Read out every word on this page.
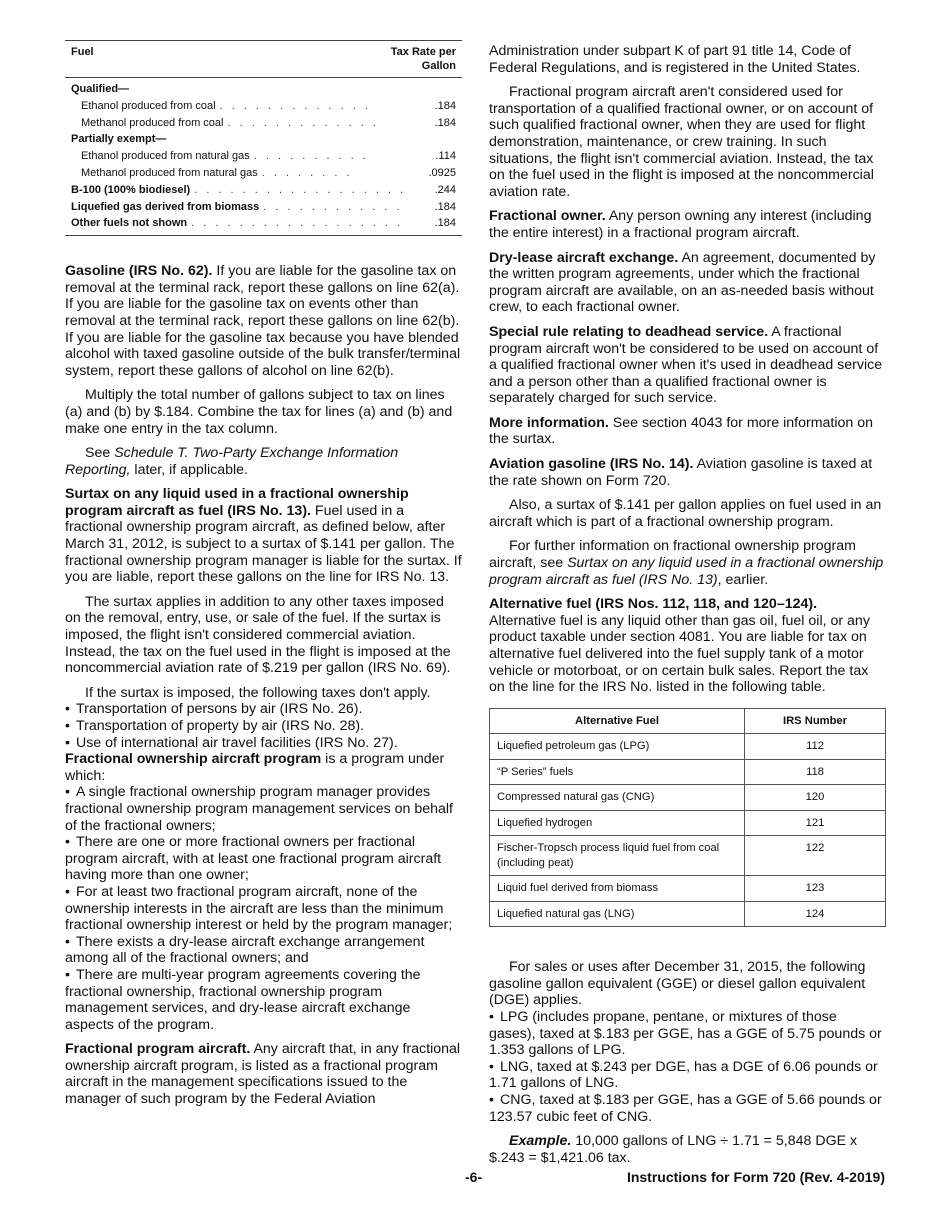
Fuel	Tax Rate per Gallon
Qualified—
Ethanol produced from coal . . .	.184
Methanol produced from coal . . .	.184
Partially exempt—
Ethanol produced from natural gas . . .	.114
Methanol produced from natural gas . . .	.0925
B-100 (100% biodiesel) . . .	.244
Liquefied gas derived from biomass . . .	.184
Other fuels not shown . . .	.184

Gasoline (IRS No. 62). If you are liable for the gasoline tax on removal at the terminal rack, report these gallons on line 62(a). If you are liable for the gasoline tax on events other than removal at the terminal rack, report these gallons on line 62(b). If you are liable for the gasoline tax because you have blended alcohol with taxed gasoline outside of the bulk transfer/terminal system, report these gallons of alcohol on line 62(b).

Multiply the total number of gallons subject to tax on lines (a) and (b) by $.184. Combine the tax for lines (a) and (b) and make one entry in the tax column.

See Schedule T. Two-Party Exchange Information Reporting, later, if applicable.

Surtax on any liquid used in a fractional ownership program aircraft as fuel (IRS No. 13). Fuel used in a fractional ownership program aircraft, as defined below, after March 31, 2012, is subject to a surtax of $.141 per gallon. The fractional ownership program manager is liable for the surtax. If you are liable, report these gallons on the line for IRS No. 13.

The surtax applies in addition to any other taxes imposed on the removal, entry, use, or sale of the fuel. If the surtax is imposed, the flight isn't considered commercial aviation. Instead, the tax on the fuel used in the flight is imposed at the noncommercial aviation rate of $.219 per gallon (IRS No. 69).

If the surtax is imposed, the following taxes don't apply.

• Transportation of persons by air (IRS No. 26).
• Transportation of property by air (IRS No. 28).
• Use of international air travel facilities (IRS No. 27).

Fractional ownership aircraft program is a program under which:

• A single fractional ownership program manager provides fractional ownership program management services on behalf of the fractional owners;
• There are one or more fractional owners per fractional program aircraft, with at least one fractional program aircraft having more than one owner;
• For at least two fractional program aircraft, none of the ownership interests in the aircraft are less than the minimum fractional ownership interest or held by the program manager;
• There exists a dry-lease aircraft exchange arrangement among all of the fractional owners; and
• There are multi-year program agreements covering the fractional ownership, fractional ownership program management services, and dry-lease aircraft exchange aspects of the program.

Fractional program aircraft. Any aircraft that, in any fractional ownership aircraft program, is listed as a fractional program aircraft in the management specifications issued to the manager of such program by the Federal Aviation

Administration under subpart K of part 91 title 14, Code of Federal Regulations, and is registered in the United States.

Fractional program aircraft aren't considered used for transportation of a qualified fractional owner, or on account of such qualified fractional owner, when they are used for flight demonstration, maintenance, or crew training. In such situations, the flight isn't commercial aviation. Instead, the tax on the fuel used in the flight is imposed at the noncommercial aviation rate.

Fractional owner. Any person owning any interest (including the entire interest) in a fractional program aircraft.

Dry-lease aircraft exchange. An agreement, documented by the written program agreements, under which the fractional program aircraft are available, on an as-needed basis without crew, to each fractional owner.

Special rule relating to deadhead service. A fractional program aircraft won't be considered to be used on account of a qualified fractional owner when it's used in deadhead service and a person other than a qualified fractional owner is separately charged for such service.

More information. See section 4043 for more information on the surtax.

Aviation gasoline (IRS No. 14). Aviation gasoline is taxed at the rate shown on Form 720.

Also, a surtax of $.141 per gallon applies on fuel used in an aircraft which is part of a fractional ownership program.

For further information on fractional ownership program aircraft, see Surtax on any liquid used in a fractional ownership program aircraft as fuel (IRS No. 13), earlier.

Alternative fuel (IRS Nos. 112, 118, and 120–124). Alternative fuel is any liquid other than gas oil, fuel oil, or any product taxable under section 4081. You are liable for tax on alternative fuel delivered into the fuel supply tank of a motor vehicle or motorboat, or on certain bulk sales. Report the tax on the line for the IRS No. listed in the following table.

Alternative Fuel	IRS Number
Liquefied petroleum gas (LPG)	112
“P Series” fuels	118
Compressed natural gas (CNG)	120
Liquefied hydrogen	121
Fischer-Tropsch process liquid fuel from coal (including peat)	122
Liquid fuel derived from biomass	123
Liquefied natural gas (LNG)	124

For sales or uses after December 31, 2015, the following gasoline gallon equivalent (GGE) or diesel gallon equivalent (DGE) applies.

• LPG (includes propane, pentane, or mixtures of those gases), taxed at $.183 per GGE, has a GGE of 5.75 pounds or 1.353 gallons of LPG.
• LNG, taxed at $.243 per DGE, has a DGE of 6.06 pounds or 1.71 gallons of LNG.
• CNG, taxed at $.183 per GGE, has a GGE of 5.66 pounds or 123.57 cubic feet of CNG.

Example. 10,000 gallons of LNG ÷ 1.71 = 5,848 DGE x $.243 = $1,421.06 tax.

-6-	Instructions for Form 720 (Rev. 4-2019)
